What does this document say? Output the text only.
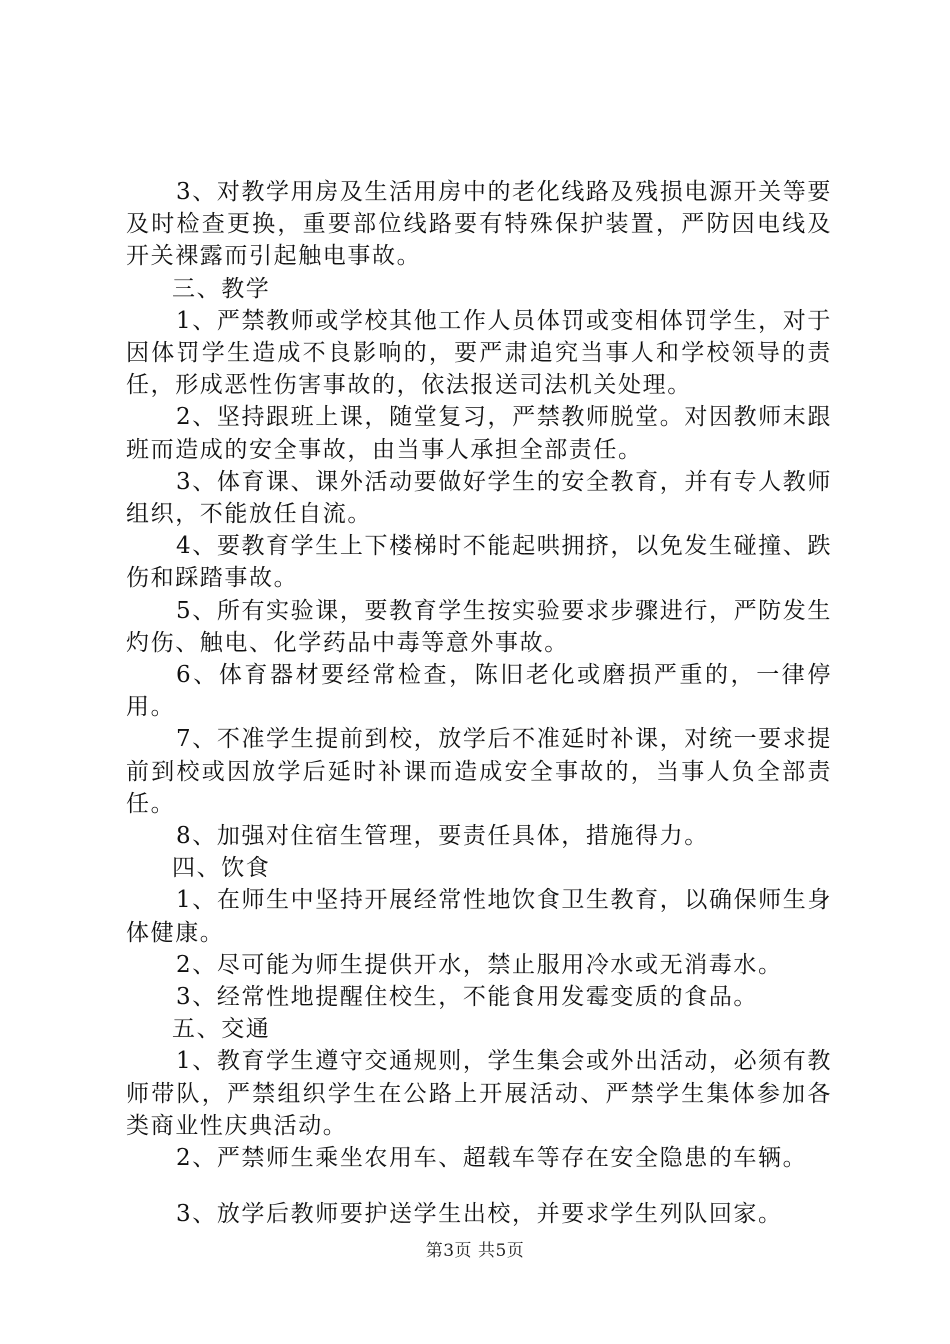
3、对教学用房及生活用房中的老化线路及残损电源开关等要及时检查更换，重要部位线路要有特殊保护装置，严防因电线及开关裸露而引起触电事故。

三、教学

1、严禁教师或学校其他工作人员体罚或变相体罚学生，对于因体罚学生造成不良影响的，要严肃追究当事人和学校领导的责任，形成恶性伤害事故的，依法报送司法机关处理。

2、坚持跟班上课，随堂复习，严禁教师脱堂。对因教师末跟班而造成的安全事故，由当事人承担全部责任。

3、体育课、课外活动要做好学生的安全教育，并有专人教师组织，不能放任自流。

4、要教育学生上下楼梯时不能起哄拥挤，以免发生碰撞、跌伤和踩踏事故。

5、所有实验课，要教育学生按实验要求步骤进行，严防发生灼伤、触电、化学药品中毒等意外事故。

6、体育器材要经常检查，陈旧老化或磨损严重的，一律停用。

7、不准学生提前到校，放学后不准延时补课，对统一要求提前到校或因放学后延时补课而造成安全事故的，当事人负全部责任。

8、加强对住宿生管理，要责任具体，措施得力。

四、饮食

1、在师生中坚持开展经常性地饮食卫生教育，以确保师生身体健康。

2、尽可能为师生提供开水，禁止服用冷水或无消毒水。

3、经常性地提醒住校生，不能食用发霉变质的食品。

五、交通

1、教育学生遵守交通规则，学生集会或外出活动，必须有教师带队，严禁组织学生在公路上开展活动、严禁学生集体参加各类商业性庆典活动。

2、严禁师生乘坐农用车、超载车等存在安全隐患的车辆。

3、放学后教师要护送学生出校，并要求学生列队回家。

第3页 共5页
